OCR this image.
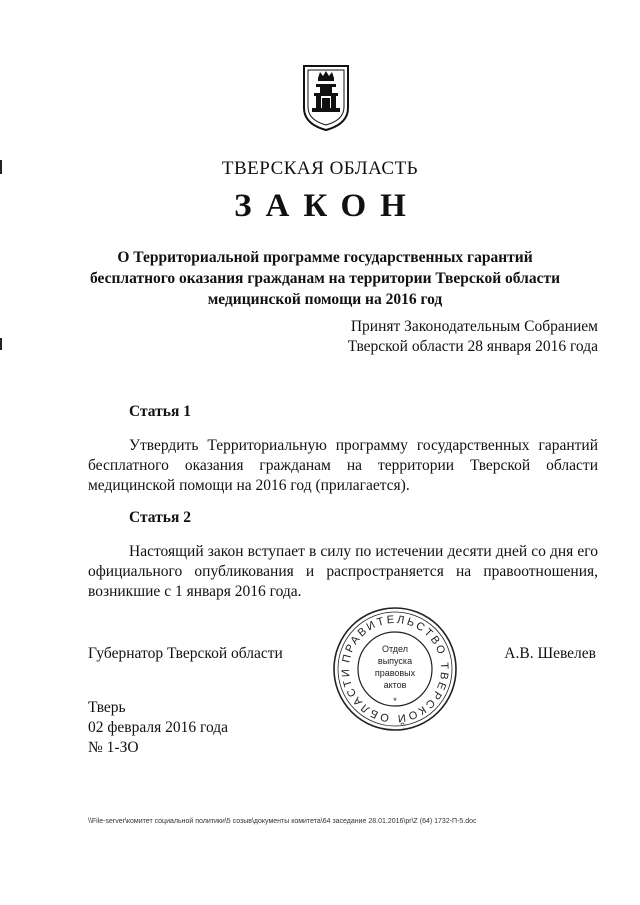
ТВЕРСКАЯ ОБЛАСТЬ
ЗАКОН
О Территориальной программе государственных гарантий
бесплатного оказания гражданам на территории Тверской области
медицинской помощи на 2016 год
Принят Законодательным Собранием
Тверской области 28 января 2016 года
Статья 1
Утвердить Территориальную программу государственных гарантий бесплатного оказания гражданам на территории Тверской области медицинской помощи на 2016 год (прилагается).
Статья 2
Настоящий закон вступает в силу по истечении десяти дней со дня его официального опубликования и распространяется на правоотношения, возникшие с 1 января 2016 года.
Губернатор Тверской области	А.В. Шевелев
ПРАВИТЕЛЬСТВО ТВЕРСКОЙ ОБЛАСТИ
Отдел
выпуска
правовых
актов
*
Тверь
02 февраля 2016 года
№ 1-ЗО
\\File-server\комитет социальной политики\5 созыв\документы комитета\64 заседание 28.01.2016\pr\Z (64) 1732-П-5.doc
